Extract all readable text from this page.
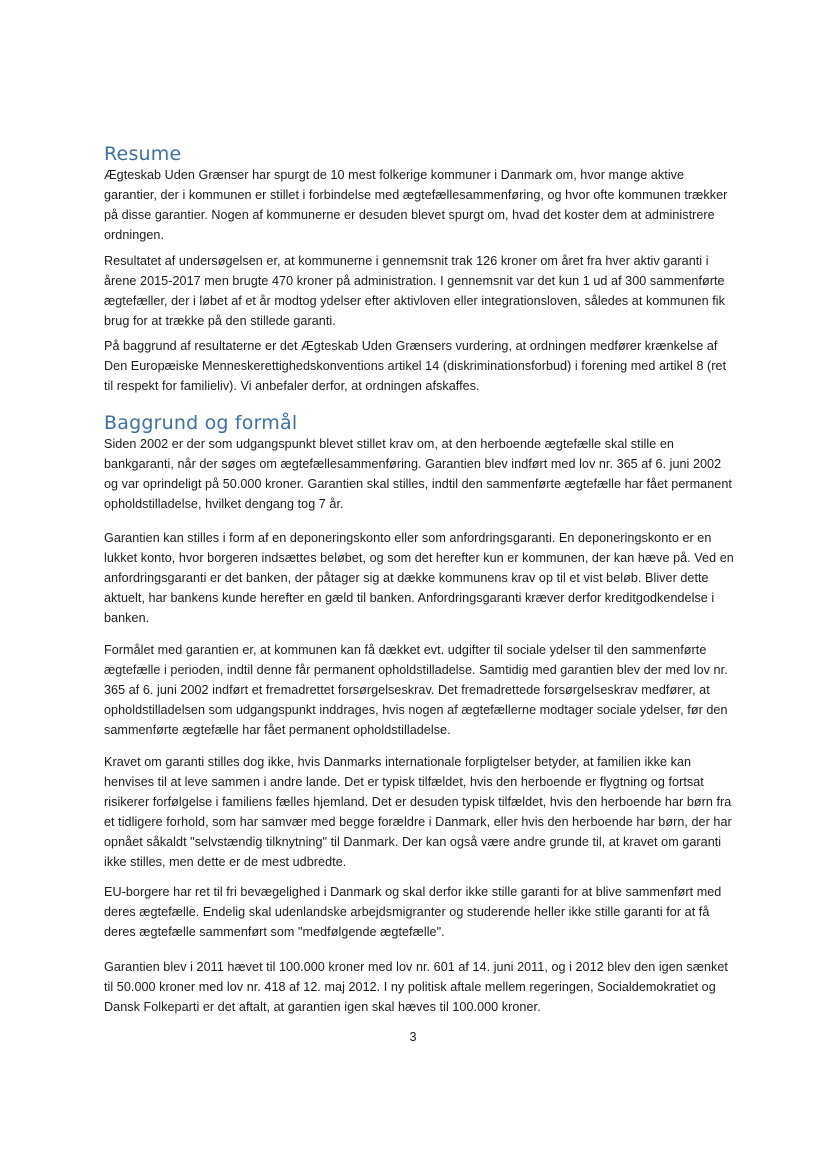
Resume

Ægteskab Uden Grænser har spurgt de 10 mest folkerige kommuner i Danmark om, hvor mange aktive garantier, der i kommunen er stillet i forbindelse med ægtefællesammenføring, og hvor ofte kommunen trækker på disse garantier. Nogen af kommunerne er desuden blevet spurgt om, hvad det koster dem at administrere ordningen.

Resultatet af undersøgelsen er, at kommunerne i gennemsnit trak 126 kroner om året fra hver aktiv garanti i årene 2015-2017 men brugte 470 kroner på administration. I gennemsnit var det kun 1 ud af 300 sammenførte ægtefæller, der i løbet af et år modtog ydelser efter aktivloven eller integrationsloven, således at kommunen fik brug for at trække på den stillede garanti.

På baggrund af resultaterne er det Ægteskab Uden Grænsers vurdering, at ordningen medfører krænkelse af Den Europæiske Menneskerettighedskonventions artikel 14 (diskriminationsforbud) i forening med artikel 8 (ret til respekt for familieliv). Vi anbefaler derfor, at ordningen afskaffes.

Baggrund og formål

Siden 2002 er der som udgangspunkt blevet stillet krav om, at den herboende ægtefælle skal stille en bankgaranti, når der søges om ægtefællesammenføring. Garantien blev indført med lov nr. 365 af 6. juni 2002 og var oprindeligt på 50.000 kroner. Garantien skal stilles, indtil den sammenførte ægtefælle har fået permanent opholdstilladelse, hvilket dengang tog 7 år.

Garantien kan stilles i form af en deponeringskonto eller som anfordringsgaranti. En deponeringskonto er en lukket konto, hvor borgeren indsættes beløbet, og som det herefter kun er kommunen, der kan hæve på. Ved en anfordringsgaranti er det banken, der påtager sig at dække kommunens krav op til et vist beløb. Bliver dette aktuelt, har bankens kunde herefter en gæld til banken. Anfordringsgaranti kræver derfor kreditgodkendelse i banken.

Formålet med garantien er, at kommunen kan få dækket evt. udgifter til sociale ydelser til den sammenførte ægtefælle i perioden, indtil denne får permanent opholdstilladelse. Samtidig med garantien blev der med lov nr. 365 af 6. juni 2002 indført et fremadrettet forsørgelseskrav. Det fremadrettede forsørgelseskrav medfører, at opholdstilladelsen som udgangspunkt inddrages, hvis nogen af ægtefællerne modtager sociale ydelser, før den sammenførte ægtefælle har fået permanent opholdstilladelse.

Kravet om garanti stilles dog ikke, hvis Danmarks internationale forpligtelser betyder, at familien ikke kan henvises til at leve sammen i andre lande. Det er typisk tilfældet, hvis den herboende er flygtning og fortsat risikerer forfølgelse i familiens fælles hjemland. Det er desuden typisk tilfældet, hvis den herboende har børn fra et tidligere forhold, som har samvær med begge forældre i Danmark, eller hvis den herboende har børn, der har opnået såkaldt "selvstændig tilknytning" til Danmark. Der kan også være andre grunde til, at kravet om garanti ikke stilles, men dette er de mest udbredte.

EU-borgere har ret til fri bevægelighed i Danmark og skal derfor ikke stille garanti for at blive sammenført med deres ægtefælle. Endelig skal udenlandske arbejdsmigranter og studerende heller ikke stille garanti for at få deres ægtefælle sammenført som "medfølgende ægtefælle".

Garantien blev i 2011 hævet til 100.000 kroner med lov nr. 601 af 14. juni 2011, og i 2012 blev den igen sænket til 50.000 kroner med lov nr. 418 af 12. maj 2012. I ny politisk aftale mellem regeringen, Socialdemokratiet og Dansk Folkeparti er det aftalt, at garantien igen skal hæves til 100.000 kroner.

3
